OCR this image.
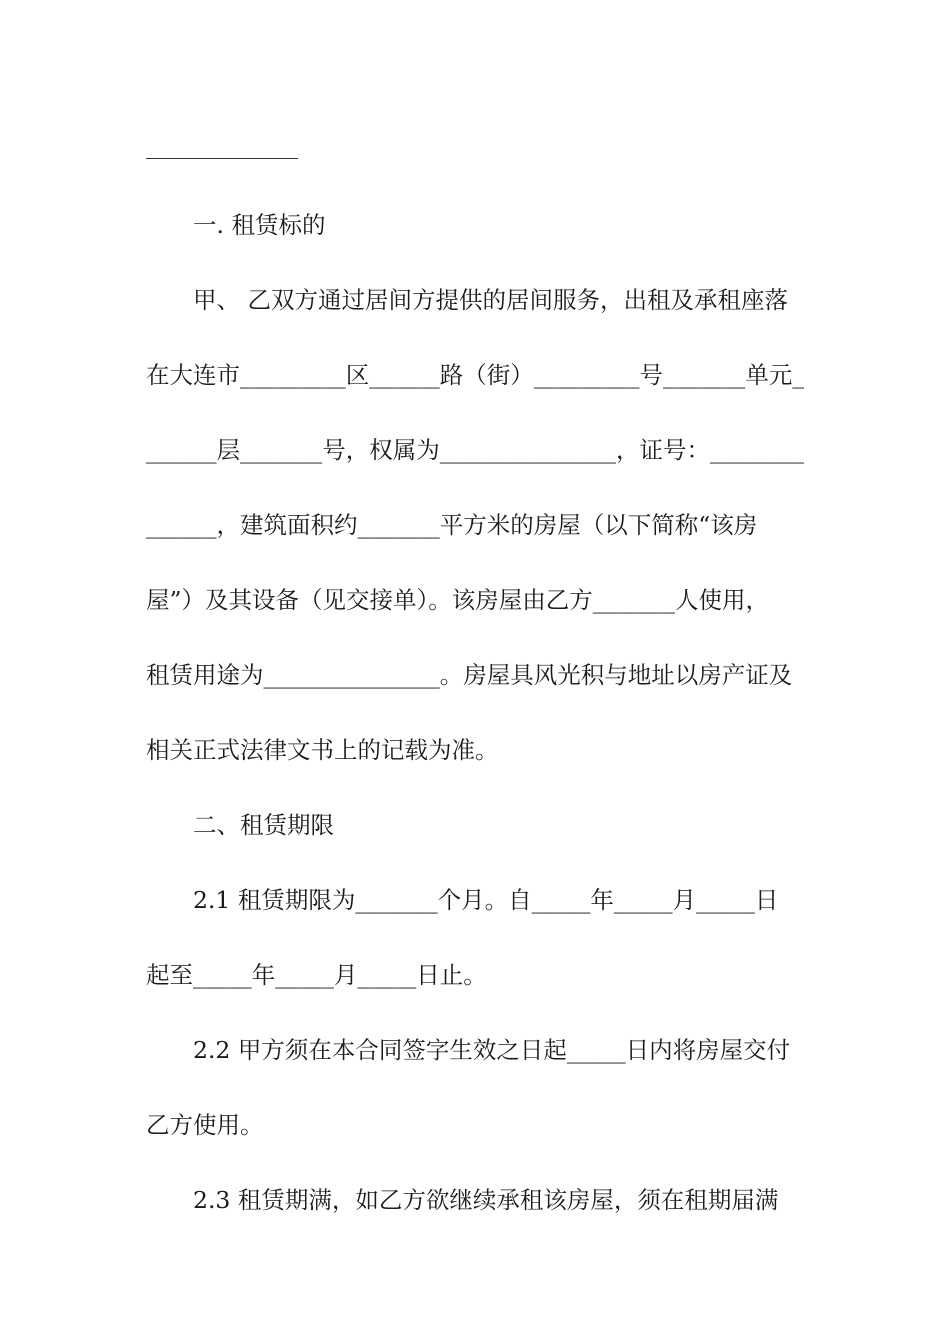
一. 租赁标的
甲、 乙双方通过居间方提供的居间服务，出租及承租座落
在大连市_________区______路（街）_________号_______单元_
______层_______号，权属为_______________，证号：________
______，建筑面积约_______平方米的房屋（以下简称“该房
屋”）及其设备（见交接单）。该房屋由乙方_______人使用，
租赁用途为_______________。房屋具风光积与地址以房产证及
相关正式法律文书上的记载为准。
二、租赁期限
2.1 租赁期限为_______个月。自_____年_____月_____日
起至_____年_____月_____日止。
2.2 甲方须在本合同签字生效之日起_____日内将房屋交付
乙方使用。
2.3 租赁期满，如乙方欲继续承租该房屋，须在租期届满
